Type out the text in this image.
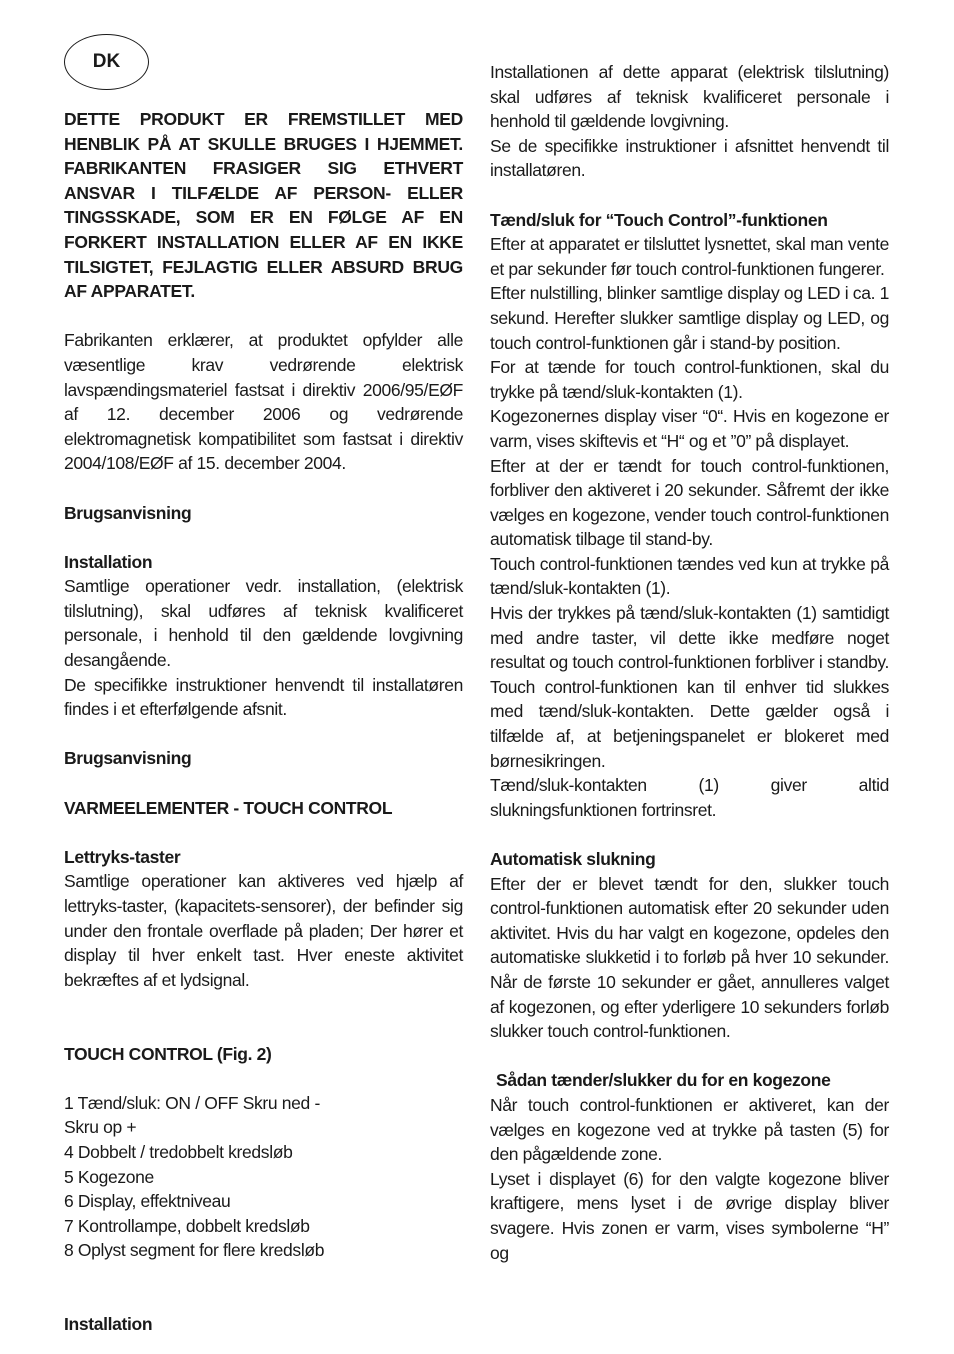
DK

DETTE PRODUKT ER FREMSTILLET MED HENBLIK PÅ AT SKULLE BRUGES I HJEMMET. FABRIKANTEN FRASIGER SIG ETHVERT ANSVAR I TILFÆLDE AF PERSON- ELLER TINGSSKADE, SOM ER EN FØLGE AF EN FORKERT INSTALLATION ELLER AF EN IKKE TILSIGTET, FEJLAGTIG ELLER ABSURD BRUG AF APPARATET.

Fabrikanten erklærer, at produktet opfylder alle væsentlige krav vedrørende elektrisk lavspændingsmateriel fastsat i direktiv 2006/95/EØF af 12. december 2006 og vedrørende elektromagnetisk kompatibilitet som fastsat i direktiv 2004/108/EØF af 15. december 2004.

Brugsanvisning

Installation

Samtlige operationer vedr. installation, (elektrisk tilslutning), skal udføres af teknisk kvalificeret personale, i henhold til den gældende lovgivning desangående.

De specifikke instruktioner henvendt til installatøren findes i et efterfølgende afsnit.

Brugsanvisning

VARMEELEMENTER - TOUCH CONTROL

Lettryks-taster

Samtlige operationer kan aktiveres ved hjælp af lettryks-taster, (kapacitets-sensorer), der befinder sig under den frontale overflade på pladen; Der hører et display til hver enkelt tast. Hver eneste aktivitet bekræftes af et lydsignal.

TOUCH CONTROL (Fig. 2)

1 Tænd/sluk: ON / OFF Skru ned -

Skru op +

4 Dobbelt / tredobbelt kredsløb

5 Kogezone

6 Display, effektniveau

7 Kontrollampe, dobbelt kredsløb

8 Oplyst segment for flere kredsløb

Installation

Installationen af dette apparat (elektrisk tilslutning) skal udføres af teknisk kvalificeret personale i henhold til gældende lovgivning.

Se de specifikke instruktioner i afsnittet henvendt til installatøren.

Tænd/sluk for “Touch Control”-funktionen

Efter at apparatet er tilsluttet lysnettet, skal man vente et par sekunder før touch control-funktionen fungerer.

Efter nulstilling, blinker samtlige display og LED i ca. 1 sekund. Herefter slukker samtlige display og LED, og touch control-funktionen går i stand-by position.

For at tænde for touch control-funktionen, skal du trykke på tænd/sluk-kontakten (1).

Kogezonernes display viser “0“. Hvis en kogezone er varm, vises skiftevis et “H“ og et ”0” på displayet.

Efter at der er tændt for touch control-funktionen, forbliver den aktiveret i 20 sekunder. Såfremt der ikke vælges en kogezone, vender touch control-funktionen automatisk tilbage til stand-by.

Touch control-funktionen tændes ved kun at trykke på tænd/sluk-kontakten (1).

Hvis der trykkes på tænd/sluk-kontakten (1) samtidigt med andre taster, vil dette ikke medføre noget resultat og touch control-funktionen forbliver i standby.

Touch control-funktionen kan til enhver tid slukkes med tænd/sluk-kontakten. Dette gælder også i tilfælde af, at betjeningspanelet er blokeret med børnesikringen.

Tænd/sluk-kontakten (1) giver altid slukningsfunktionen fortrinsret.

Automatisk slukning

Efter der er blevet tændt for den, slukker touch control-funktionen automatisk efter 20 sekunder uden aktivitet. Hvis du har valgt en kogezone, opdeles den automatiske slukketid i to forløb på hver 10 sekunder. Når de første 10 sekunder er gået, annulleres valget af kogezonen, og efter yderligere 10 sekunders forløb slukker touch control-funktionen.

Sådan tænder/slukker du for en kogezone

Når touch control-funktionen er aktiveret, kan der vælges en kogezone ved at trykke på tasten (5) for den pågældende zone.

Lyset i displayet (6) for den valgte kogezone bliver kraftigere, mens lyset i de øvrige display bliver svagere. Hvis zonen er varm, vises symbolerne “H” og
